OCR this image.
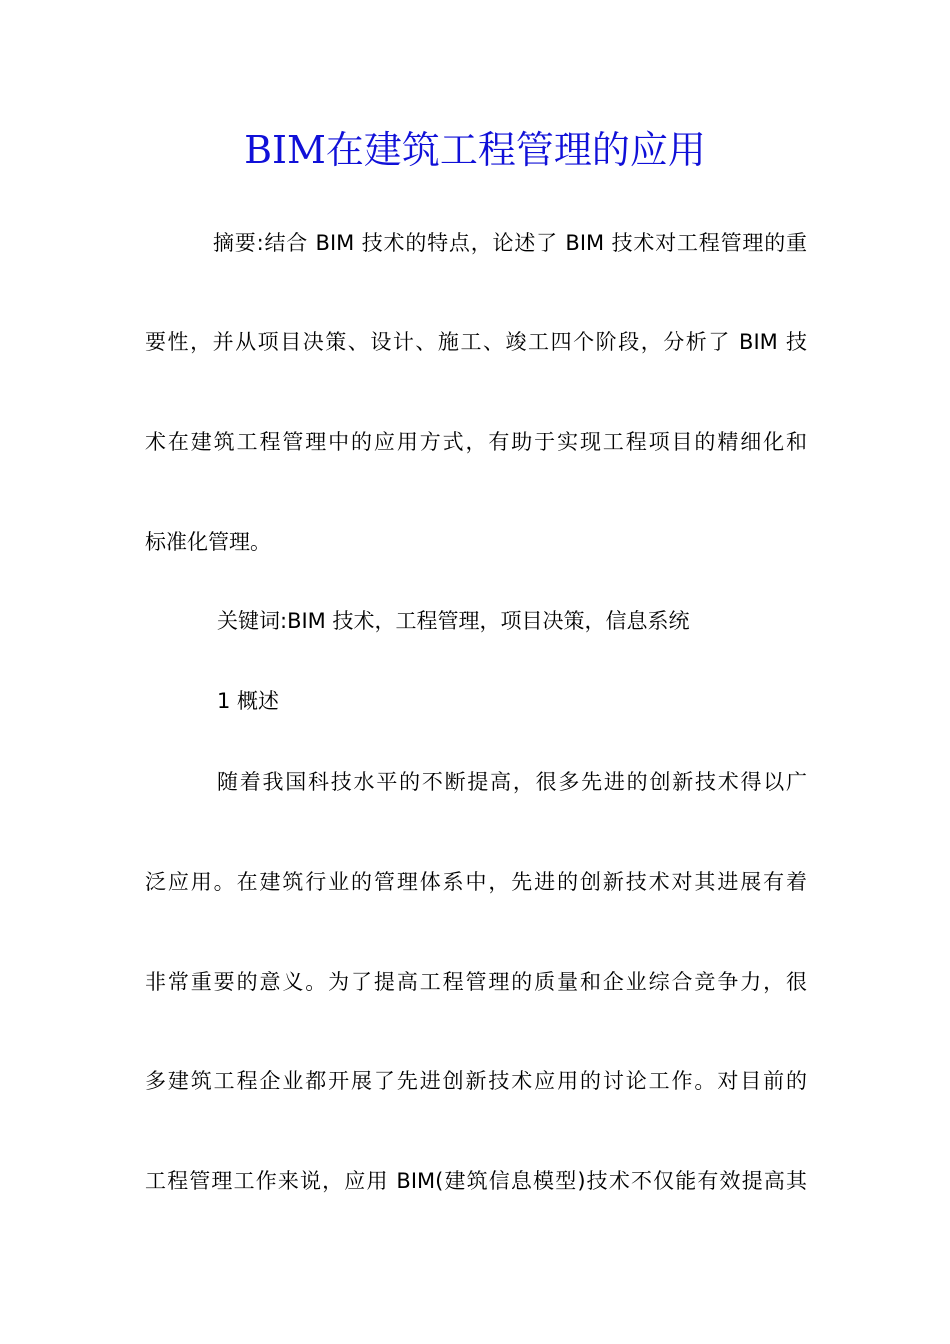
BIM在建筑工程管理的应用
摘要:结合 BIM 技术的特点，论述了 BIM 技术对工程管理的重
要性，并从项目决策、设计、施工、竣工四个阶段，分析了 BIM 技
术在建筑工程管理中的应用方式，有助于实现工程项目的精细化和
标准化管理。
关键词:BIM 技术，工程管理，项目决策，信息系统
1 概述
随着我国科技水平的不断提高，很多先进的创新技术得以广
泛应用。在建筑行业的管理体系中，先进的创新技术对其进展有着
非常重要的意义。为了提高工程管理的质量和企业综合竞争力，很
多建筑工程企业都开展了先进创新技术应用的讨论工作。对目前的
工程管理工作来说，应用 BIM(建筑信息模型)技术不仅能有效提高其
